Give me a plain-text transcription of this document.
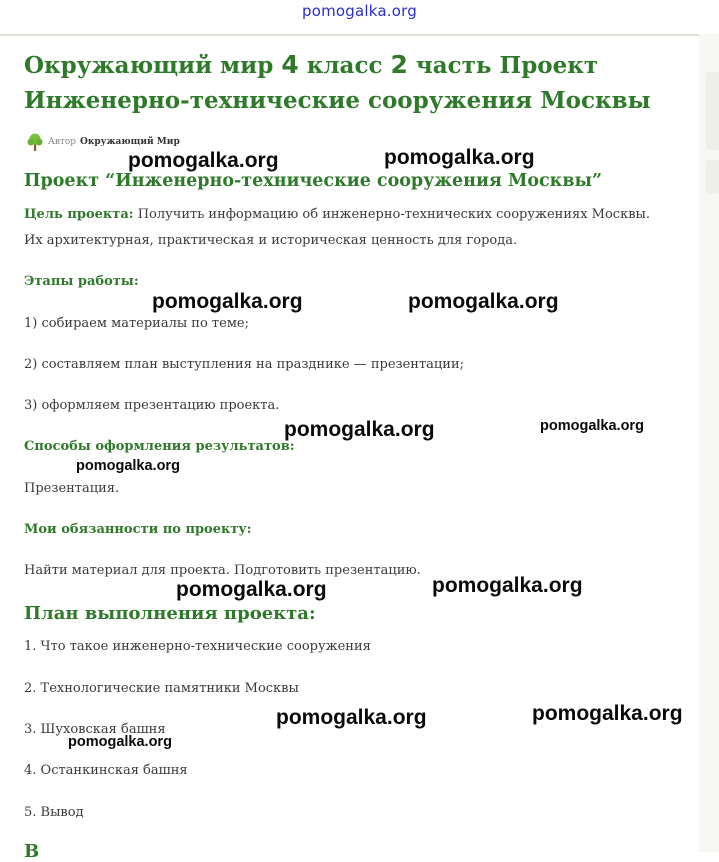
pomogalka.org
Окружающий мир 4 класс 2 часть Проект Инженерно-технические сооружения Москвы
Автор Окружающий Мир
Проект “Инженерно-технические сооружения Москвы”
Цель проекта: Получить информацию об инженерно-технических сооружениях Москвы.
Их архитектурная, практическая и историческая ценность для города.
Этапы работы:
1) собираем материалы по теме;
2) составляем план выступления на празднике — презентации;
3) оформляем презентацию проекта.
Способы оформления результатов:
Презентация.
Мои обязанности по проекту:
Найти материал для проекта. Подготовить презентацию.
План выполнения проекта:
1. Что такое инженерно-технические сооружения
2. Технологические памятники Москвы
3. Шуховская башня
4. Останкинская башня
5. Вывод
В
pomogalka.org	pomogalka.org
pomogalka.org	pomogalka.org
pomogalka.org	pomogalka.org
pomogalka.org
pomogalka.org	pomogalka.org
pomogalka.org	pomogalka.org
pomogalka.org
